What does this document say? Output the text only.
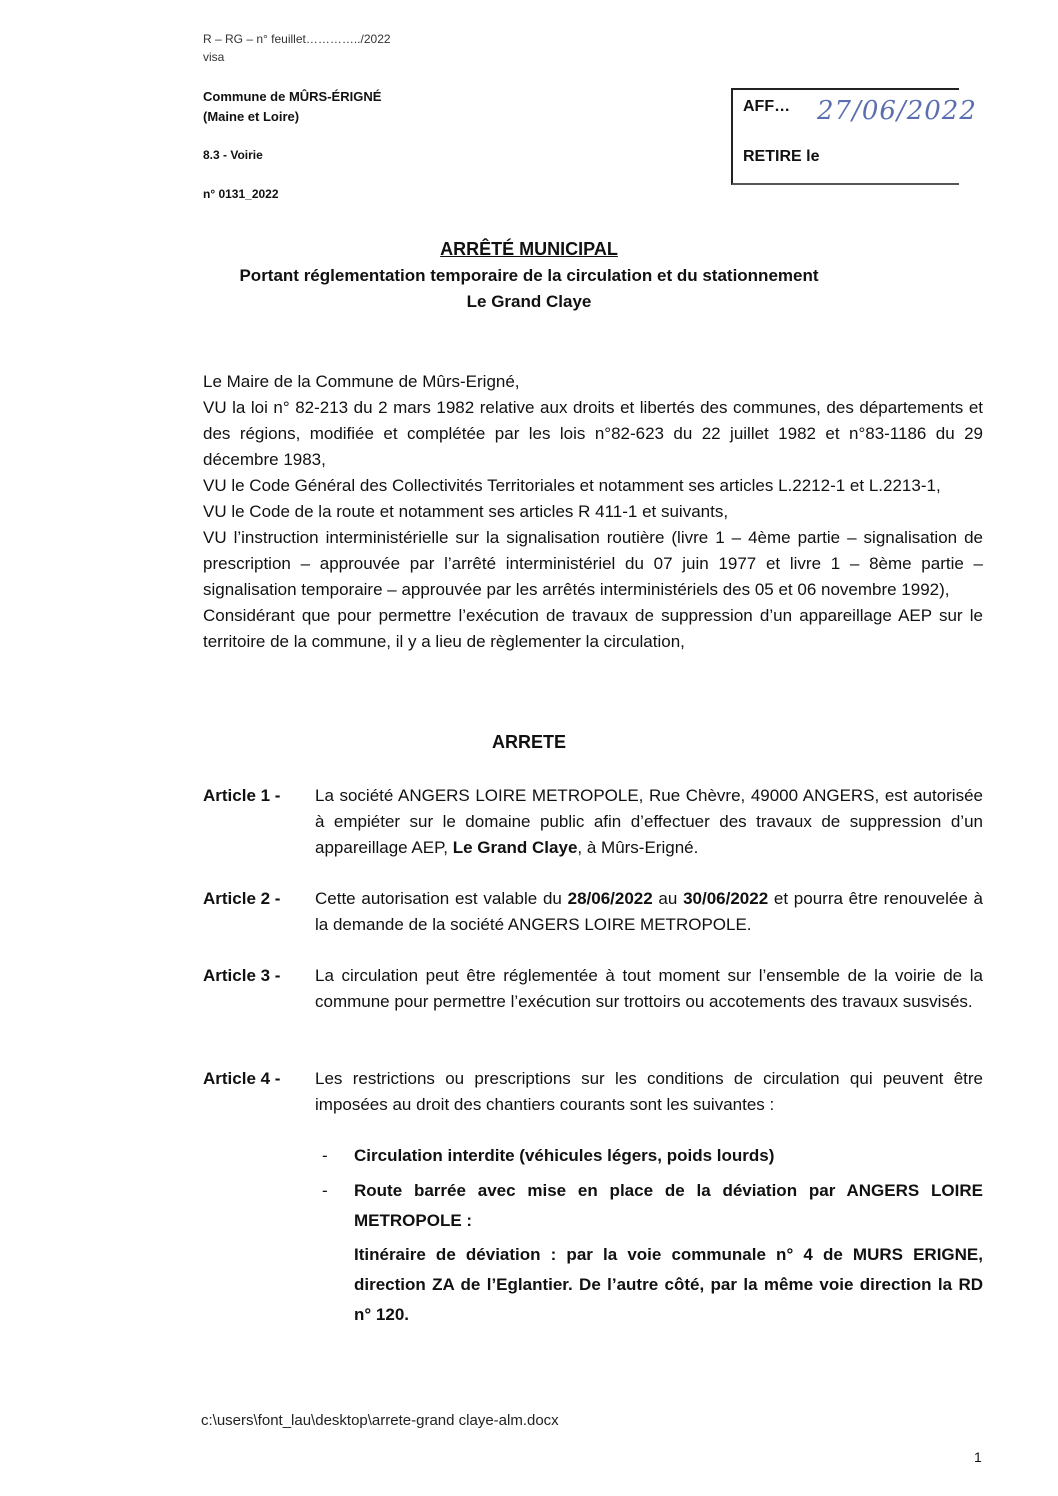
R – RG – n° feuillet…………../2022
visa
Commune de MÛRS-ÉRIGNÉ
(Maine et Loire)
8.3 - Voirie
n° 0131_2022
AFF… 27/06/2022
RETIRE le
ARRÊTÉ MUNICIPAL
Portant réglementation temporaire de la circulation et du stationnement
Le Grand Claye
Le Maire de la Commune de Mûrs-Erigné,
VU la loi n° 82-213 du 2 mars 1982 relative aux droits et libertés des communes, des départements et des régions, modifiée et complétée par les lois n°82-623 du 22 juillet 1982 et n°83-1186 du 29 décembre 1983,
VU le Code Général des Collectivités Territoriales et notamment ses articles L.2212-1 et L.2213-1,
VU le Code de la route et notamment ses articles R 411-1 et suivants,
VU l’instruction interministérielle sur la signalisation routière (livre 1 – 4ème partie – signalisation de prescription – approuvée par l’arrêté interministériel du 07 juin 1977 et livre 1 – 8ème partie – signalisation temporaire – approuvée par les arrêtés interministériels des 05 et 06 novembre 1992),
Considérant que pour permettre l’exécution de travaux de suppression d’un appareillage AEP sur le territoire de la commune, il y a lieu de règlementer la circulation,
ARRETE
Article 1 - La société ANGERS LOIRE METROPOLE, Rue Chèvre, 49000 ANGERS, est autorisée à empiéter sur le domaine public afin d’effectuer des travaux de suppression d’un appareillage AEP, Le Grand Claye, à Mûrs-Erigné.
Article 2 - Cette autorisation est valable du 28/06/2022 au 30/06/2022 et pourra être renouvelée à la demande de la société ANGERS LOIRE METROPOLE.
Article 3 - La circulation peut être réglementée à tout moment sur l’ensemble de la voirie de la commune pour permettre l’exécution sur trottoirs ou accotements des travaux susvisés.
Article 4 - Les restrictions ou prescriptions sur les conditions de circulation qui peuvent être imposées au droit des chantiers courants sont les suivantes :
- Circulation interdite (véhicules légers, poids lourds)
- Route barrée avec mise en place de la déviation par ANGERS LOIRE METROPOLE :
Itinéraire de déviation : par la voie communale n° 4 de MURS ERIGNE, direction ZA de l’Eglantier. De l’autre côté, par la même voie direction la RD n° 120.
c:\users\font_lau\desktop\arrete-grand claye-alm.docx
1
